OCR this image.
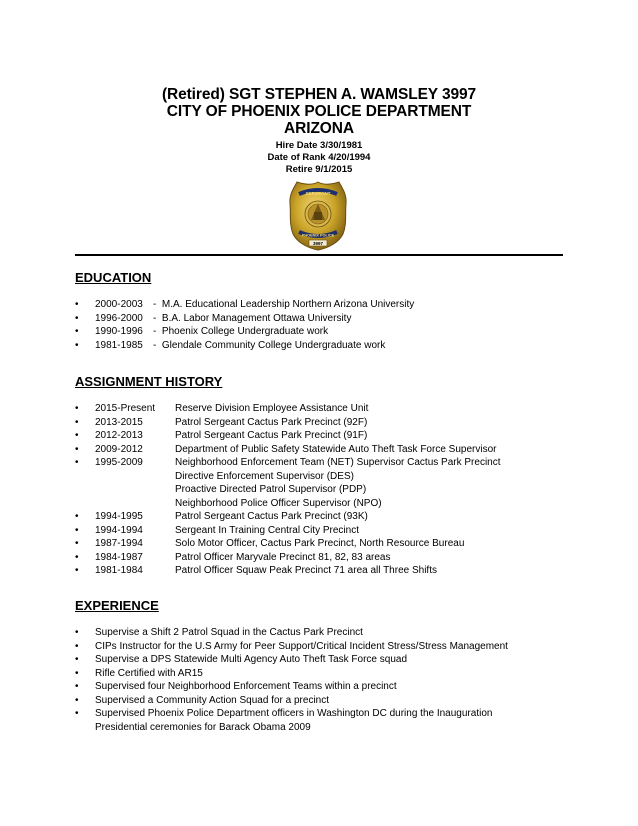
(Retired) SGT STEPHEN A. WAMSLEY 3997
CITY OF PHOENIX POLICE DEPARTMENT
ARIZONA
Hire Date 3/30/1981
Date of Rank 4/20/1994
Retire 9/1/2015
SERGEANT
PHOENIX POLICE
3997
EDUCATION
• 2000-2003 - M.A. Educational Leadership Northern Arizona University
• 1996-2000 - B.A. Labor Management Ottawa University
• 1990-1996 - Phoenix College Undergraduate work
• 1981-1985 - Glendale Community College Undergraduate work
ASSIGNMENT HISTORY
• 2015-Present	Reserve Division Employee Assistance Unit
• 2013-2015	Patrol Sergeant Cactus Park Precinct (92F)
• 2012-2013	Patrol Sergeant Cactus Park Precinct (91F)
• 2009-2012	Department of Public Safety Statewide Auto Theft Task Force Supervisor
• 1995-2009	Neighborhood Enforcement Team (NET) Supervisor Cactus Park Precinct
Directive Enforcement Supervisor (DES)
Proactive Directed Patrol Supervisor (PDP)
Neighborhood Police Officer Supervisor (NPO)
• 1994-1995	Patrol Sergeant Cactus Park Precinct (93K)
• 1994-1994	Sergeant In Training Central City Precinct
• 1987-1994	Solo Motor Officer, Cactus Park Precinct, North Resource Bureau
• 1984-1987	Patrol Officer Maryvale Precinct 81, 82, 83 areas
• 1981-1984	Patrol Officer Squaw Peak Precinct 71 area all Three Shifts
EXPERIENCE
• Supervise a Shift 2 Patrol Squad in the Cactus Park Precinct
• CIPs Instructor for the U.S Army for Peer Support/Critical Incident Stress/Stress Management
• Supervise a DPS Statewide Multi Agency Auto Theft Task Force squad
• Rifle Certified with AR15
• Supervised four Neighborhood Enforcement Teams within a precinct
• Supervised a Community Action Squad for a precinct
• Supervised Phoenix Police Department officers in Washington DC during the Inauguration
Presidential ceremonies for Barack Obama 2009
